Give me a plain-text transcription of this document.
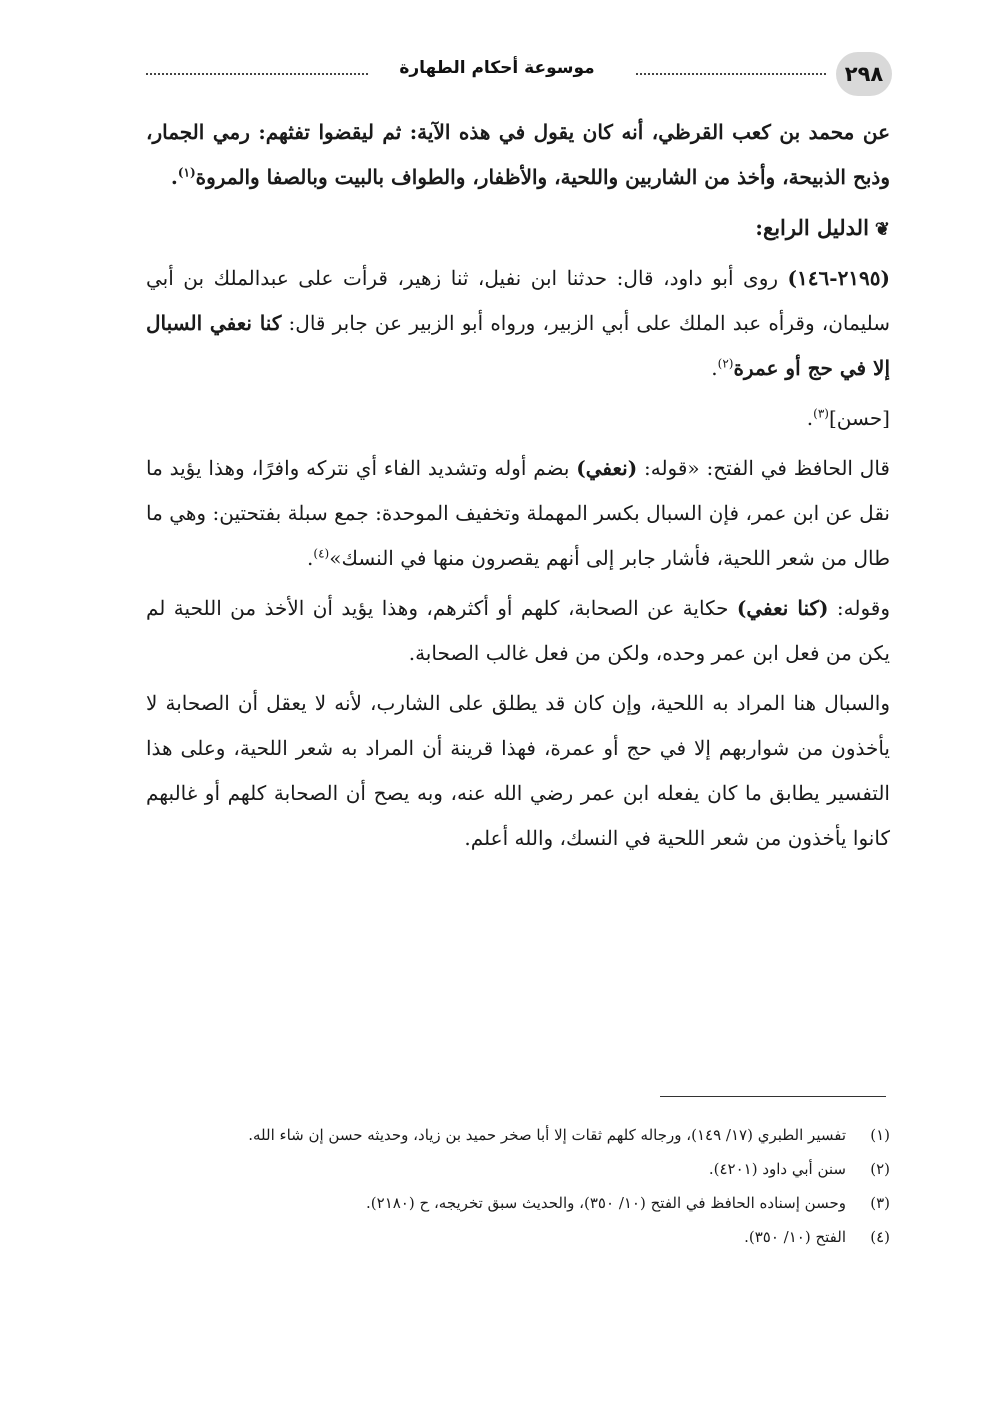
٢٩٨
موسوعة أحكام الطهارة

عن محمد بن كعب القرظي، أنه كان يقول في هذه الآية: ثم ليقضوا تفثهم: رمي الجمار، وذبح الذبيحة، وأخذ من الشاربين واللحية، والأظفار، والطواف بالبيت وبالصفا والمروة$^{(١)}$.

❦الدليل الرابع:

(٢١٩٥-١٤٦) روى أبو داود، قال: حدثنا ابن نفيل، ثنا زهير، قرأت على عبدالملك بن أبي سليمان، وقرأه عبد الملك على أبي الزبير، ورواه أبو الزبير عن جابر قال: كنا نعفي السبال إلا في حج أو عمرة$^{(٢)}$.

[حسن]$^{(٣)}$.

قال الحافظ في الفتح: «قوله: (نعفي) بضم أوله وتشديد الفاء أي نتركه وافرًا، وهذا يؤيد ما نقل عن ابن عمر، فإن السبال بكسر المهملة وتخفيف الموحدة: جمع سبلة بفتحتين: وهي ما طال من شعر اللحية، فأشار جابر إلى أنهم يقصرون منها في النسك»$^{(٤)}$.

وقوله: (كنا نعفي) حكاية عن الصحابة، كلهم أو أكثرهم، وهذا يؤيد أن الأخذ من اللحية لم يكن من فعل ابن عمر وحده، ولكن من فعل غالب الصحابة.

والسبال هنا المراد به اللحية، وإن كان قد يطلق على الشارب، لأنه لا يعقل أن الصحابة لا يأخذون من شواربهم إلا في حج أو عمرة، فهذا قرينة أن المراد به شعر اللحية، وعلى هذا التفسير يطابق ما كان يفعله ابن عمر رضي الله عنه، وبه يصح أن الصحابة كلهم أو غالبهم كانوا يأخذون من شعر اللحية في النسك، والله أعلم.

(١)
تفسير الطبري (١٧/ ١٤٩)، ورجاله كلهم ثقات إلا أبا صخر حميد بن زياد، وحديثه حسن إن شاء الله.
(٢)
سنن أبي داود (٤٢٠١).
(٣)
وحسن إسناده الحافظ في الفتح (١٠/ ٣٥٠)، والحديث سبق تخريجه، ح (٢١٨٠).
(٤)
الفتح (١٠/ ٣٥٠).
